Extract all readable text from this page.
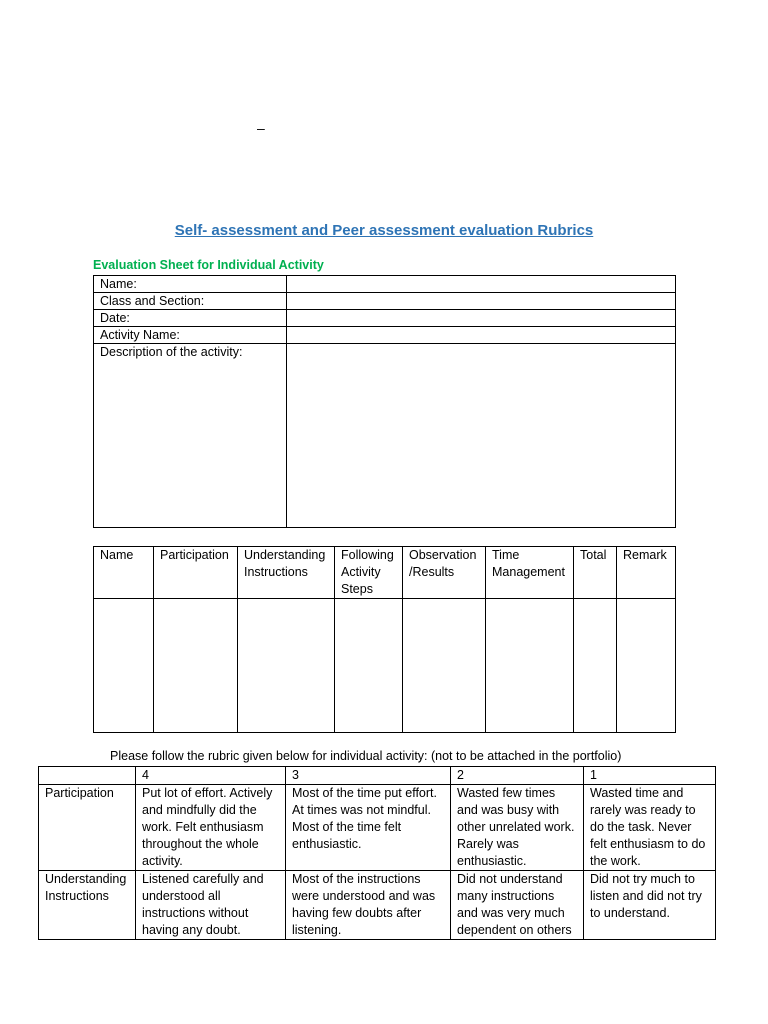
–
Self- assessment and Peer assessment evaluation Rubrics
Evaluation Sheet for Individual Activity
Name:	
Class and Section:	
Date:	
Activity Name:	
Description of the activity:	
Name	Participation	Understanding Instructions	Following Activity Steps	Observation /Results	Time Management	Total	Remark

Please follow the rubric given below for individual activity: (not to be attached in the portfolio)

	4	3	2	1
Participation	Put lot of effort. Actively and mindfully did the work. Felt enthusiasm throughout the whole activity.	Most of the time put effort. At times was not mindful. Most of the time felt enthusiastic.	Wasted few times and was busy with other unrelated work. Rarely was enthusiastic.	Wasted time and rarely was ready to do the task. Never felt enthusiasm to do the work.
Understanding Instructions	Listened carefully and understood all instructions without having any doubt.	Most of the instructions were understood and was having few doubts after listening.	Did not understand many instructions and was very much dependent on others	Did not try much to listen and did not try to understand.
